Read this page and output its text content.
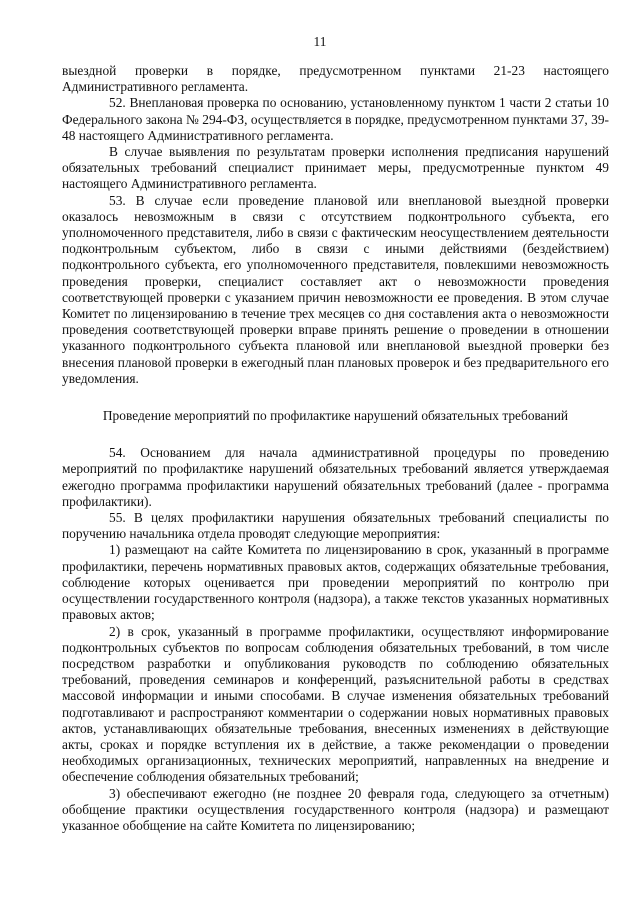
11

выездной проверки в порядке, предусмотренном пунктами 21-23 настоящего Административного регламента.

52. Внеплановая проверка по основанию, установленному пунктом 1 части 2 статьи 10 Федерального закона № 294-ФЗ, осуществляется в порядке, предусмотренном пунктами 37, 39-48 настоящего Административного регламента.

В случае выявления по результатам проверки исполнения предписания нарушений обязательных требований специалист принимает меры, предусмотренные пунктом 49 настоящего Административного регламента.

53. В случае если проведение плановой или внеплановой выездной проверки оказалось невозможным в связи с отсутствием подконтрольного субъекта, его уполномоченного представителя, либо в связи с фактическим неосуществлением деятельности подконтрольным субъектом, либо в связи с иными действиями (бездействием) подконтрольного субъекта, его уполномоченного представителя, повлекшими невозможность проведения проверки, специалист составляет акт о невозможности проведения соответствующей проверки с указанием причин невозможности ее проведения. В этом случае Комитет по лицензированию в течение трех месяцев со дня составления акта о невозможности проведения соответствующей проверки вправе принять решение о проведении в отношении указанного подконтрольного субъекта плановой или внеплановой выездной проверки без внесения плановой проверки в ежегодный план плановых проверок и без предварительного его уведомления.

Проведение мероприятий по профилактике нарушений обязательных требований

54. Основанием для начала административной процедуры по проведению мероприятий по профилактике нарушений обязательных требований является утверждаемая ежегодно программа профилактики нарушений обязательных требований (далее - программа профилактики).

55. В целях профилактики нарушения обязательных требований специалисты по поручению начальника отдела проводят следующие мероприятия:

1) размещают на сайте Комитета по лицензированию в срок, указанный в программе профилактики, перечень нормативных правовых актов, содержащих обязательные требования, соблюдение которых оценивается при проведении мероприятий по контролю при осуществлении государственного контроля (надзора), а также текстов указанных нормативных правовых актов;

2) в срок, указанный в программе профилактики, осуществляют информирование подконтрольных субъектов по вопросам соблюдения обязательных требований, в том числе посредством разработки и опубликования руководств по соблюдению обязательных требований, проведения семинаров и конференций, разъяснительной работы в средствах массовой информации и иными способами. В случае изменения обязательных требований подготавливают и распространяют комментарии о содержании новых нормативных правовых актов, устанавливающих обязательные требования, внесенных изменениях в действующие акты, сроках и порядке вступления их в действие, а также рекомендации о проведении необходимых организационных, технических мероприятий, направленных на внедрение и обеспечение соблюдения обязательных требований;

3) обеспечивают ежегодно (не позднее 20 февраля года, следующего за отчетным) обобщение практики осуществления государственного контроля (надзора) и размещают указанное обобщение на сайте Комитета по лицензированию;
